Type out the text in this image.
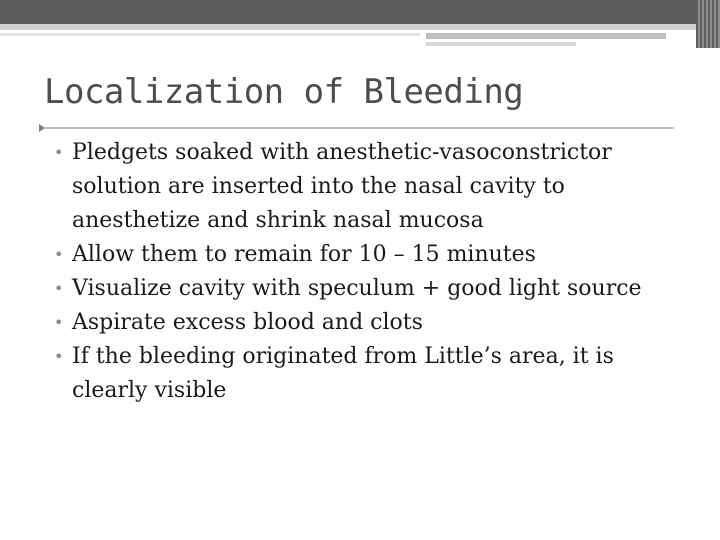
Localization of Bleeding
• Pledgets soaked with anesthetic-vasoconstrictor solution are inserted into the nasal cavity to anesthetize and shrink nasal mucosa
• Allow them to remain for 10 – 15 minutes
• Visualize cavity with speculum + good light source
• Aspirate excess blood and clots
• If the bleeding originated from Little’s area, it is clearly visible
